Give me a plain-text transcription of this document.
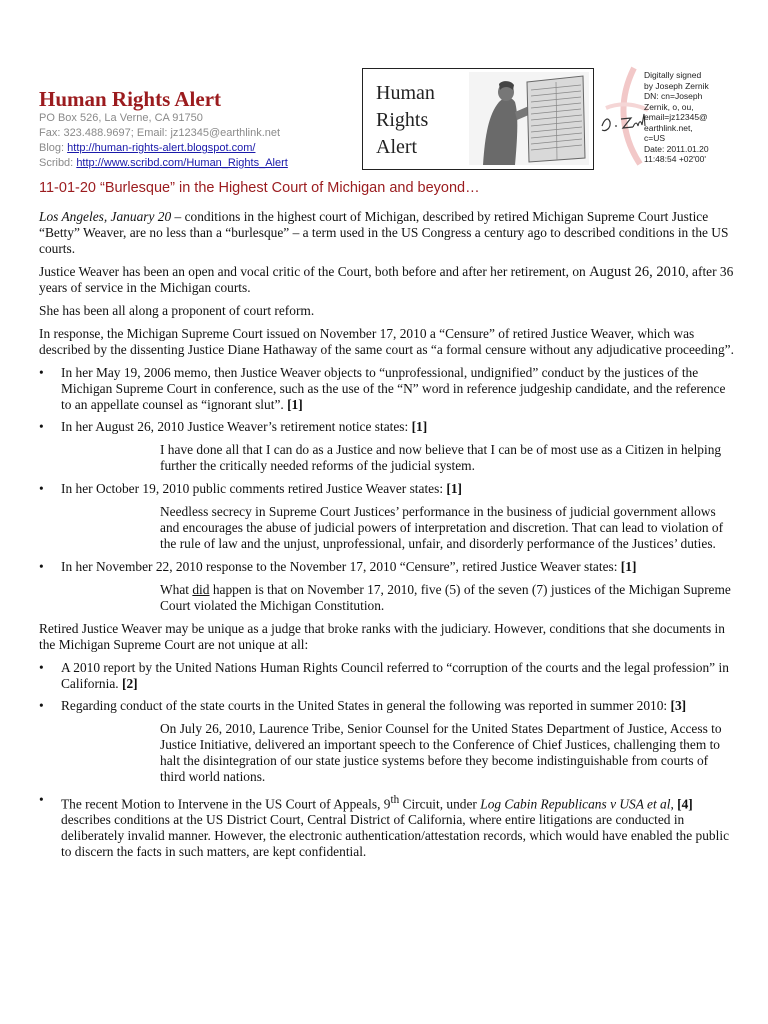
Human Rights Alert
PO Box 526, La Verne, CA 91750
Fax: 323.488.9697; Email: jz12345@earthlink.net
Blog: http://human-rights-alert.blogspot.com/
Scribd: http://www.scribd.com/Human_Rights_Alert
Human
Rights
Alert
Digitally signed
by Joseph Zernik
DN: cn=Joseph
Zernik, o, ou,
email=jz12345@
earthlink.net,
c=US
Date: 2011.01.20
11:48:54 +02'00'
11-01-20 “Burlesque” in the Highest Court of Michigan and beyond…

Los Angeles, January 20 – conditions in the highest court of Michigan, described by retired Michigan Supreme Court Justice “Betty” Weaver, are no less than a “burlesque” – a term used in the US Congress a century ago to described conditions in the US courts.

Justice Weaver has been an open and vocal critic of the Court, both before and after her retirement, on August 26, 2010, after 36 years of service in the Michigan courts.

She has been all along a proponent of court reform.

In response, the Michigan Supreme Court issued on November 17, 2010 a “Censure” of retired Justice Weaver, which was described by the dissenting Justice Diane Hathaway of the same court as “a formal censure without any adjudicative proceeding”.

• In her May 19, 2006 memo, then Justice Weaver objects to “unprofessional, undignified” conduct by the justices of the Michigan Supreme Court in conference, such as the use of the “N” word in reference judgeship candidate, and the reference to an appellate counsel as “ignorant slut”. [1]
• In her August 26, 2010 Justice Weaver’s retirement notice states: [1]
I have done all that I can do as a Justice and now believe that I can be of most use as a Citizen in helping further the critically needed reforms of the judicial system.
• In her October 19, 2010 public comments retired Justice Weaver states: [1]
Needless secrecy in Supreme Court Justices’ performance in the business of judicial government allows and encourages the abuse of judicial powers of interpretation and discretion. That can lead to violation of the rule of law and the unjust, unprofessional, unfair, and disorderly performance of the Justices’ duties.
• In her November 22, 2010 response to the November 17, 2010 “Censure”, retired Justice Weaver states: [1]
What did happen is that on November 17, 2010, five (5) of the seven (7) justices of the Michigan Supreme Court violated the Michigan Constitution.

Retired Justice Weaver may be unique as a judge that broke ranks with the judiciary. However, conditions that she documents in the Michigan Supreme Court are not unique at all:

• A 2010 report by the United Nations Human Rights Council referred to “corruption of the courts and the legal profession” in California. [2]
• Regarding conduct of the state courts in the United States in general the following was reported in summer 2010: [3]
On July 26, 2010, Laurence Tribe, Senior Counsel for the United States Department of Justice, Access to Justice Initiative, delivered an important speech to the Conference of Chief Justices, challenging them to halt the disintegration of our state justice systems before they become indistinguishable from courts of third world nations.
• The recent Motion to Intervene in the US Court of Appeals, 9th Circuit, under Log Cabin Republicans v USA et al, [4] describes conditions at the US District Court, Central District of California, where entire litigations are conducted in deliberately invalid manner. However, the electronic authentication/attestation records, which would have enabled the public to discern the facts in such matters, are kept confidential.
